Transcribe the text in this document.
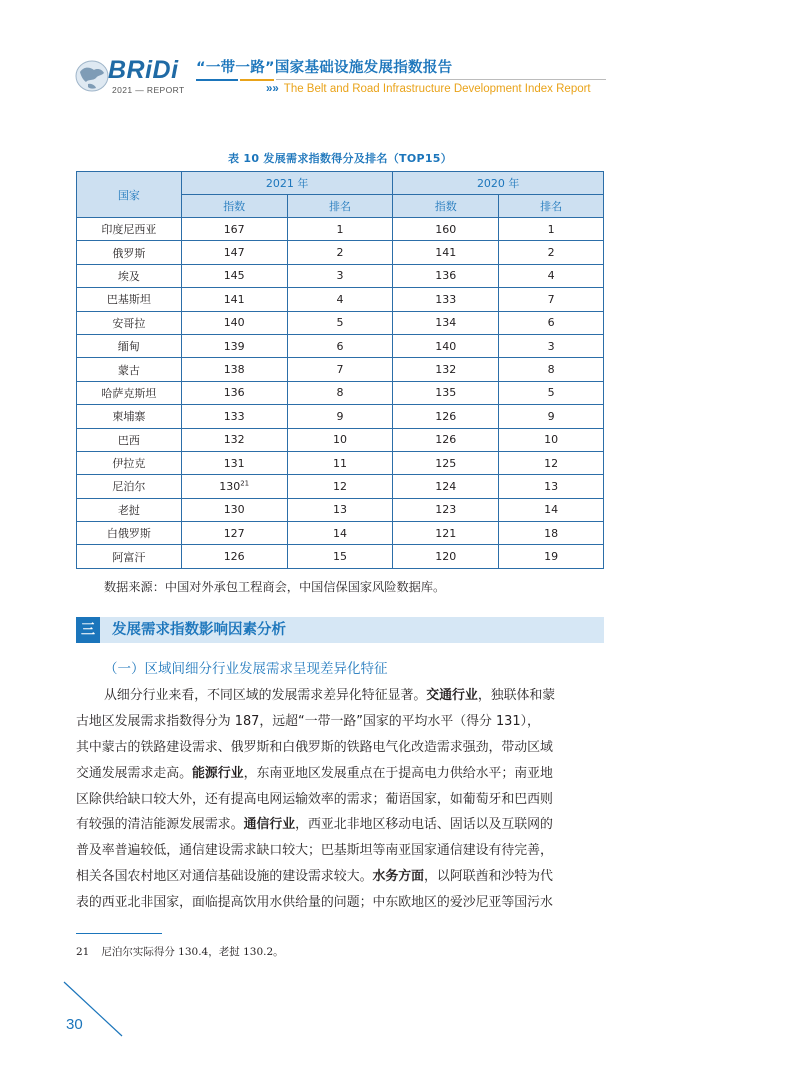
BRiDi
2021 — REPORT
“一带一路”国家基础设施发展指数报告
»» The Belt and Road Infrastructure Development Index Report
表 10 发展需求指数得分及排名（TOP15）
国家	2021 年		2020 年	
	指数	排名	指数	排名
印度尼西亚	167	1	160	1
俄罗斯	147	2	141	2
埃及	145	3	136	4
巴基斯坦	141	4	133	7
安哥拉	140	5	134	6
缅甸	139	6	140	3
蒙古	138	7	132	8
哈萨克斯坦	136	8	135	5
柬埔寨	133	9	126	9
巴西	132	10	126	10
伊拉克	131	11	125	12
尼泊尔	$130^{21}$	12	124	13
老挝	130	13	123	14
白俄罗斯	127	14	121	18
阿富汗	126	15	120	19
数据来源：中国对外承包工程商会，中国信保国家风险数据库。
三	发展需求指数影响因素分析
（一）区域间细分行业发展需求呈现差异化特征
从细分行业来看，不同区域的发展需求差异化特征显著。交通行业，独联体和蒙
古地区发展需求指数得分为 187，远超“一带一路”国家的平均水平（得分 131），
其中蒙古的铁路建设需求、俄罗斯和白俄罗斯的铁路电气化改造需求强劲，带动区域
交通发展需求走高。能源行业，东南亚地区发展重点在于提高电力供给水平；南亚地
区除供给缺口较大外，还有提高电网运输效率的需求；葡语国家，如葡萄牙和巴西则
有较强的清洁能源发展需求。通信行业，西亚北非地区移动电话、固话以及互联网的
普及率普遍较低，通信建设需求缺口较大；巴基斯坦等南亚国家通信建设有待完善，
相关各国农村地区对通信基础设施的建设需求较大。水务方面，以阿联酋和沙特为代
表的西亚北非国家，面临提高饮用水供给量的问题；中东欧地区的爱沙尼亚等国污水
21 尼泊尔实际得分 130.4，老挝 130.2。
30
